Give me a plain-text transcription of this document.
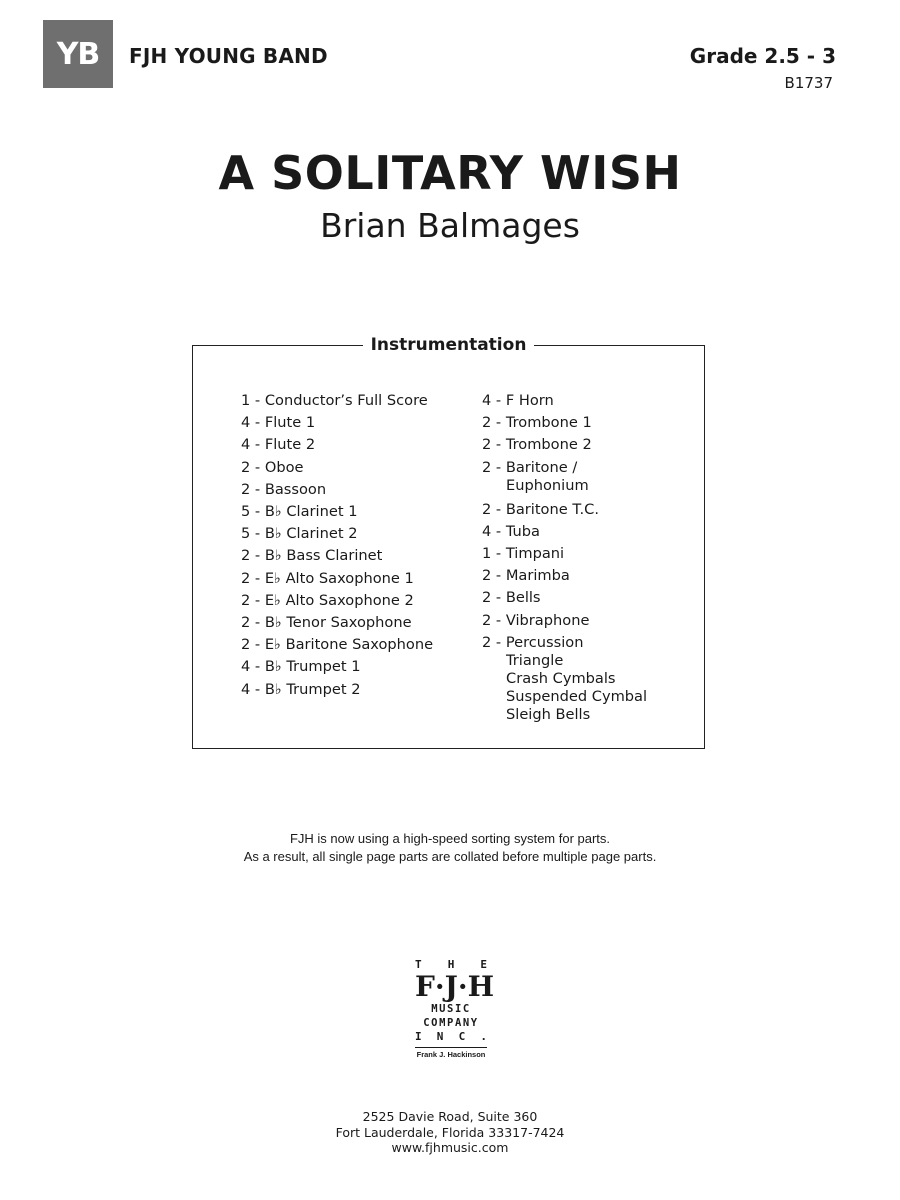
YB	FJH YOUNG BAND	Grade 2.5 - 3
B1737
A SOLITARY WISH
Brian Balmages
Instrumentation
1 - Conductor’s Full Score
4 - Flute 1
4 - Flute 2
2 - Oboe
2 - Bassoon
5 - B♭ Clarinet 1
5 - B♭ Clarinet 2
2 - B♭ Bass Clarinet
2 - E♭ Alto Saxophone 1
2 - E♭ Alto Saxophone 2
2 - B♭ Tenor Saxophone
2 - E♭ Baritone Saxophone
4 - B♭ Trumpet 1
4 - B♭ Trumpet 2
4 - F Horn
2 - Trombone 1
2 - Trombone 2
2 - Baritone /
Euphonium
2 - Baritone T.C.
4 - Tuba
1 - Timpani
2 - Marimba
2 - Bells
2 - Vibraphone
2 - Percussion
Triangle
Crash Cymbals
Suspended Cymbal
Sleigh Bells
FJH is now using a high-speed sorting system for parts.
As a result, all single page parts are collated before multiple page parts.
T H E
F · J · H
MUSIC
COMPANY
I N C .
Frank J. Hackinson
2525 Davie Road, Suite 360
Fort Lauderdale, Florida 33317-7424
www.fjhmusic.com
